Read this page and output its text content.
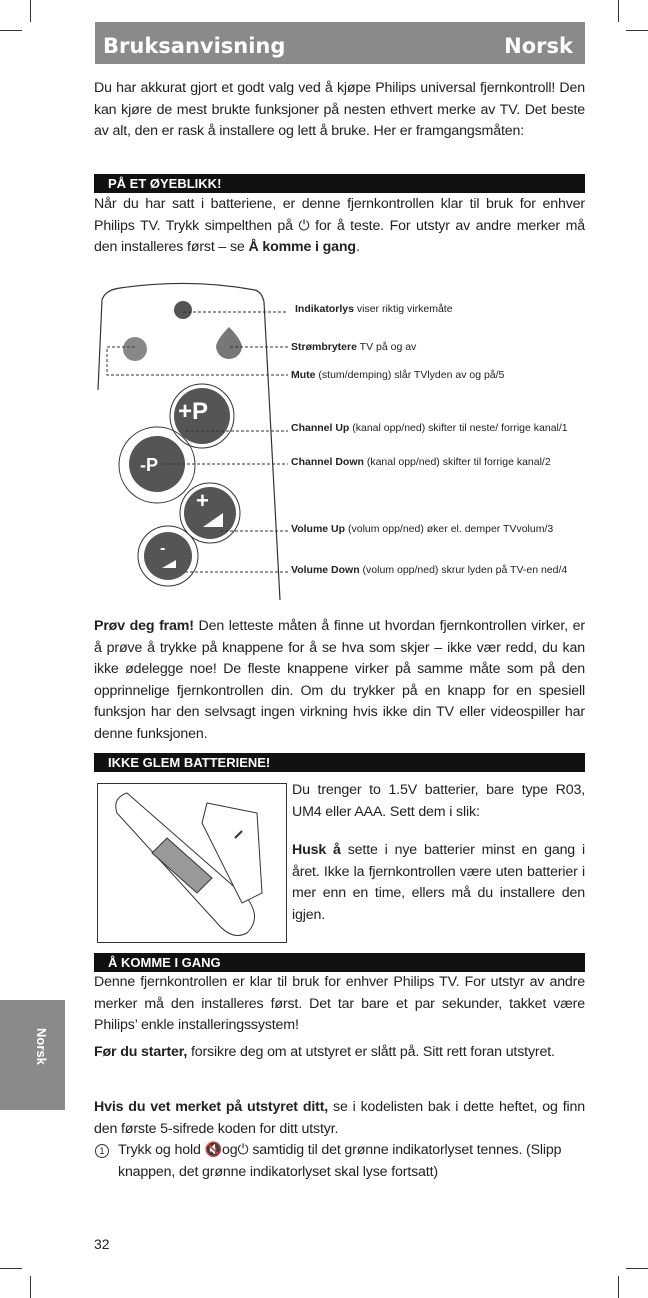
Bruksanvisning	Norsk

Du har akkurat gjort et godt valg ved å kjøpe Philips universal fjernkontroll! Den kan kjøre de mest brukte funksjoner på nesten ethvert merke av TV. Det beste av alt, den er rask å installere og lett å bruke. Her er framgangsmåten:

PÅ ET ØYEBLIKK!

Når du har satt i batteriene, er denne fjernkontrollen klar til bruk for enhver Philips TV. Trykk simpelthen på ⏻ for å teste. For utstyr av andre merker må den installeres først – se Å komme i gang.

+P
-P
+
-
Indikatorlys viser riktig virkemåte
Strømbrytere TV på og av
Mute (stum/demping) slår TVlyden av og på/5
Channel Up (kanal opp/ned) skifter til neste/ forrige kanal/1
Channel Down (kanal opp/ned) skifter til forrige kanal/2
Volume Up (volum opp/ned) øker el. demper TVvolum/3
Volume Down (volum opp/ned) skrur lyden på TV-en ned/4

Prøv deg fram! Den letteste måten å finne ut hvordan fjernkontrollen virker, er å prøve å trykke på knappene for å se hva som skjer – ikke vær redd, du kan ikke ødelegge noe! De fleste knappene virker på samme måte som på den opprinnelige fjernkontrollen din. Om du trykker på en knapp for en spesiell funksjon har den selvsagt ingen virkning hvis ikke din TV eller videospiller har denne funksjonen.

IKKE GLEM BATTERIENE!

Du trenger to 1.5V batterier, bare type R03, UM4 eller AAA. Sett dem i slik:

Husk å sette i nye batterier minst en gang i året. Ikke la fjernkontrollen være uten batterier i mer enn en time, ellers må du installere den igjen.

Å KOMME I GANG

Denne fjernkontrollen er klar til bruk for enhver Philips TV. For utstyr av andre merker må den installeres først. Det tar bare et par sekunder, takket være Philips’ enkle installeringssystem!

Før du starter, forsikre deg om at utstyret er slått på. Sitt rett foran utstyret.

Hvis du vet merket på utstyret ditt, se i kodelisten bak i dette heftet, og finn den første 5-sifrede koden for ditt utstyr.

1 Trykk og hold 🔇og⏻ samtidig til det grønne indikatorlyset tennes. (Slipp knappen, det grønne indikatorlyset skal lyse fortsatt)

Norsk
32
